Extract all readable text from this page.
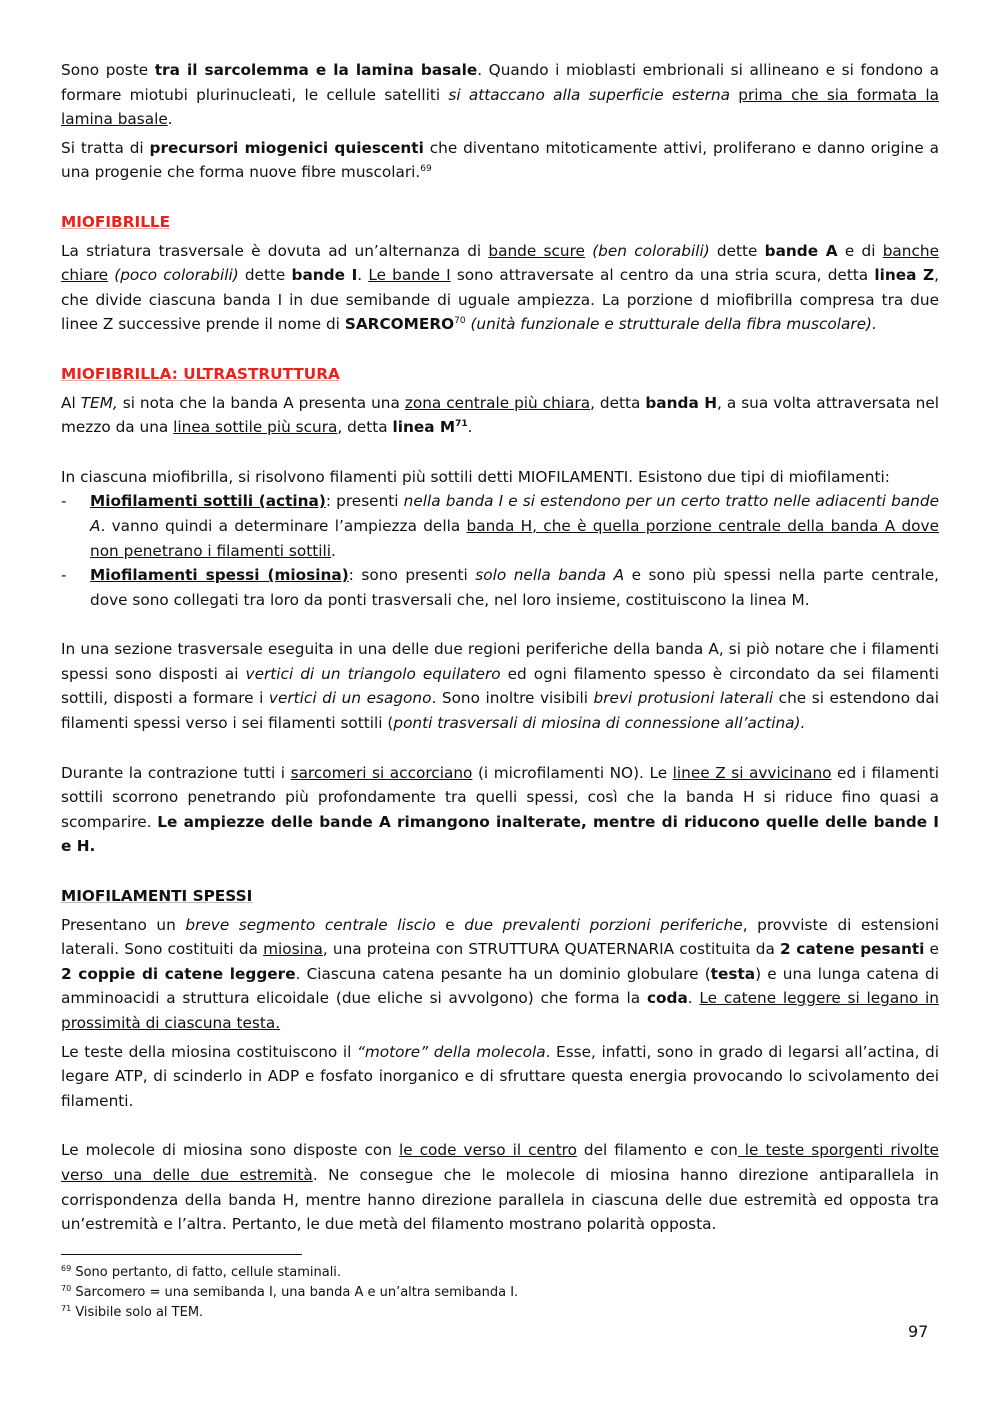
Sono poste tra il sarcolemma e la lamina basale. Quando i mioblasti embrionali si allineano e si fondono a formare miotubi plurinucleati, le cellule satelliti si attaccano alla superficie esterna prima che sia formata la lamina basale.

Si tratta di precursori miogenici quiescenti che diventano mitoticamente attivi, proliferano e danno origine a una progenie che forma nuove fibre muscolari.$^{69}$

MIOFIBRILLE

La striatura trasversale è dovuta ad un’alternanza di bande scure (ben colorabili) dette bande A e di banche chiare (poco colorabili) dette bande I. Le bande I sono attraversate al centro da una stria scura, detta linea Z, che divide ciascuna banda I in due semibande di uguale ampiezza. La porzione d miofibrilla compresa tra due linee Z successive prende il nome di SARCOMERO$^{70}$ (unità funzionale e strutturale della fibra muscolare).

MIOFIBRILLA: ULTRASTRUTTURA

Al TEM, si nota che la banda A presenta una zona centrale più chiara, detta banda H, a sua volta attraversata nel mezzo da una linea sottile più scura, detta linea $M^{71}$.

In ciascuna miofibrilla, si risolvono filamenti più sottili detti MIOFILAMENTI. Esistono due tipi di miofilamenti:

- Miofilamenti sottili (actina): presenti nella banda I e si estendono per un certo tratto nelle adiacenti bande A. vanno quindi a determinare l’ampiezza della banda H, che è quella porzione centrale della banda A dove non penetrano i filamenti sottili.
- Miofilamenti spessi (miosina): sono presenti solo nella banda A e sono più spessi nella parte centrale, dove sono collegati tra loro da ponti trasversali che, nel loro insieme, costituiscono la linea M.

In una sezione trasversale eseguita in una delle due regioni periferiche della banda A, si piò notare che i filamenti spessi sono disposti ai vertici di un triangolo equilatero ed ogni filamento spesso è circondato da sei filamenti sottili, disposti a formare i vertici di un esagono. Sono inoltre visibili brevi protusioni laterali che si estendono dai filamenti spessi verso i sei filamenti sottili (ponti trasversali di miosina di connessione all’actina).

Durante la contrazione tutti i sarcomeri si accorciano (i microfilamenti NO). Le linee Z si avvicinano ed i filamenti sottili scorrono penetrando più profondamente tra quelli spessi, così che la banda H si riduce fino quasi a scomparire. Le ampiezze delle bande A rimangono inalterate, mentre di riducono quelle delle bande I e H.

MIOFILAMENTI SPESSI

Presentano un breve segmento centrale liscio e due prevalenti porzioni periferiche, provviste di estensioni laterali. Sono costituiti da miosina, una proteina con STRUTTURA QUATERNARIA costituita da 2 catene pesanti e 2 coppie di catene leggere. Ciascuna catena pesante ha un dominio globulare (testa) e una lunga catena di amminoacidi a struttura elicoidale (due eliche si avvolgono) che forma la coda. Le catene leggere si legano in prossimità di ciascuna testa.

Le teste della miosina costituiscono il “motore” della molecola. Esse, infatti, sono in grado di legarsi all’actina, di legare ATP, di scinderlo in ADP e fosfato inorganico e di sfruttare questa energia provocando lo scivolamento dei filamenti.

Le molecole di miosina sono disposte con le code verso il centro del filamento e con le teste sporgenti rivolte verso una delle due estremità. Ne consegue che le molecole di miosina hanno direzione antiparallela in corrispondenza della banda H, mentre hanno direzione parallela in ciascuna delle due estremità ed opposta tra un’estremità e l’altra. Pertanto, le due metà del filamento mostrano polarità opposta.

$^{69}$ Sono pertanto, di fatto, cellule staminali.
$^{70}$ Sarcomero = una semibanda I, una banda A e un’altra semibanda I.
$^{71}$ Visibile solo al TEM.
97
